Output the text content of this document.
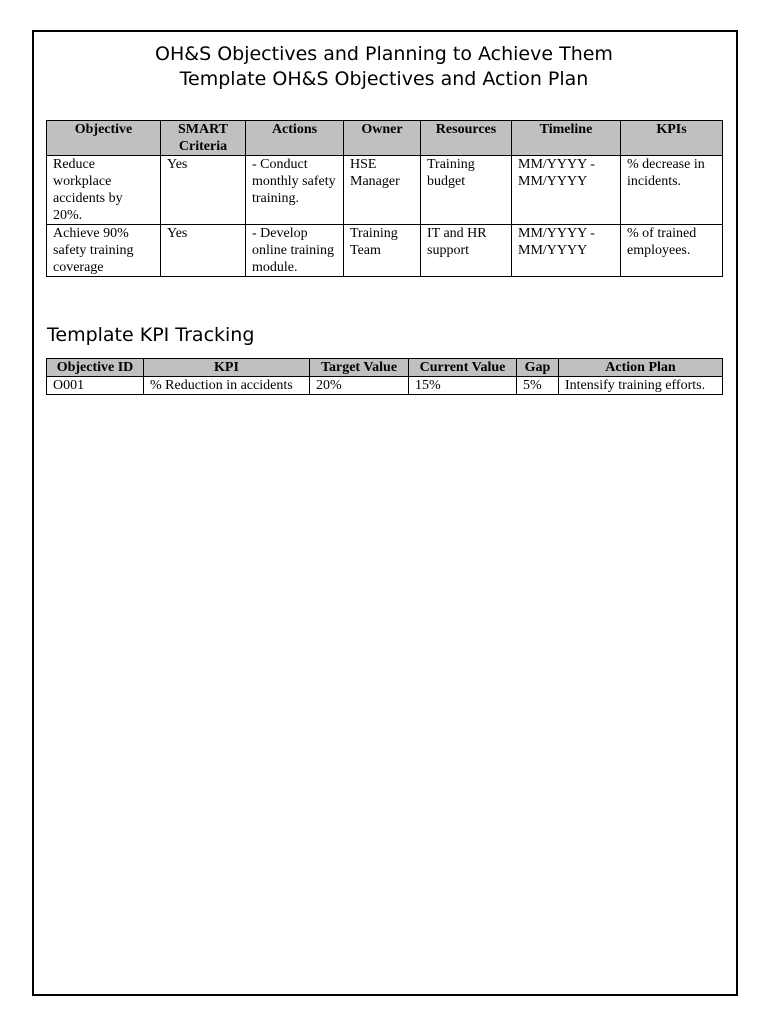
OH&S Objectives and Planning to Achieve Them
Template OH&S Objectives and Action Plan
Objective	SMART Criteria	Actions	Owner	Resources	Timeline	KPIs
Reduce workplace accidents by 20%.	Yes	- Conduct monthly safety training.	HSE Manager	Training budget	MM/YYYY - MM/YYYY	% decrease in incidents.
Achieve 90% safety training coverage	Yes	- Develop online training module.	Training Team	IT and HR support	MM/YYYY - MM/YYYY	% of trained employees.
Template KPI Tracking
Objective ID	KPI	Target Value	Current Value	Gap	Action Plan
O001	% Reduction in accidents	20%	15%	5%	Intensify training efforts.
